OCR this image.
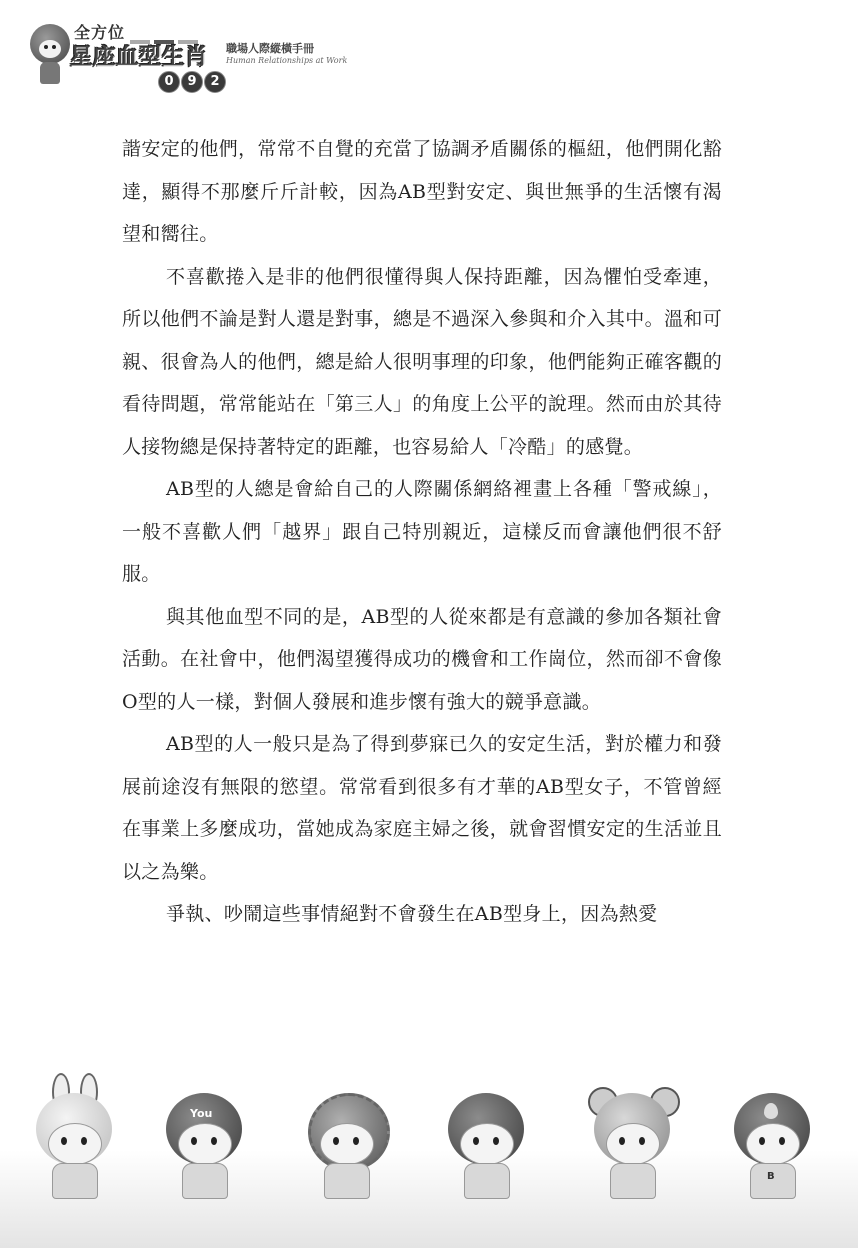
全方位
星座血型生肖 職場人際縱橫手冊
Human Relationships at Work
0 9 2

諧安定的他們，常常不自覺的充當了協調矛盾關係的樞紐，他們開化豁達，顯得不那麼斤斤計較，因為AB型對安定、與世無爭的生活懷有渴望和嚮往。

不喜歡捲入是非的他們很懂得與人保持距離，因為懼怕受牽連，所以他們不論是對人還是對事，總是不過深入參與和介入其中。溫和可親、很會為人的他們，總是給人很明事理的印象，他們能夠正確客觀的看待問題，常常能站在「第三人」的角度上公平的說理。然而由於其待人接物總是保持著特定的距離，也容易給人「冷酷」的感覺。

AB型的人總是會給自己的人際關係網絡裡畫上各種「警戒線」，一般不喜歡人們「越界」跟自己特別親近，這樣反而會讓他們很不舒服。

與其他血型不同的是，AB型的人從來都是有意識的參加各類社會活動。在社會中，他們渴望獲得成功的機會和工作崗位，然而卻不會像O型的人一樣，對個人發展和進步懷有強大的競爭意識。

AB型的人一般只是為了得到夢寐已久的安定生活，對於權力和發展前途沒有無限的慾望。常常看到很多有才華的AB型女子，不管曾經在事業上多麼成功，當她成為家庭主婦之後，就會習慣安定的生活並且以之為樂。

爭執、吵鬧這些事情絕對不會發生在AB型身上，因為熱愛

You
B
